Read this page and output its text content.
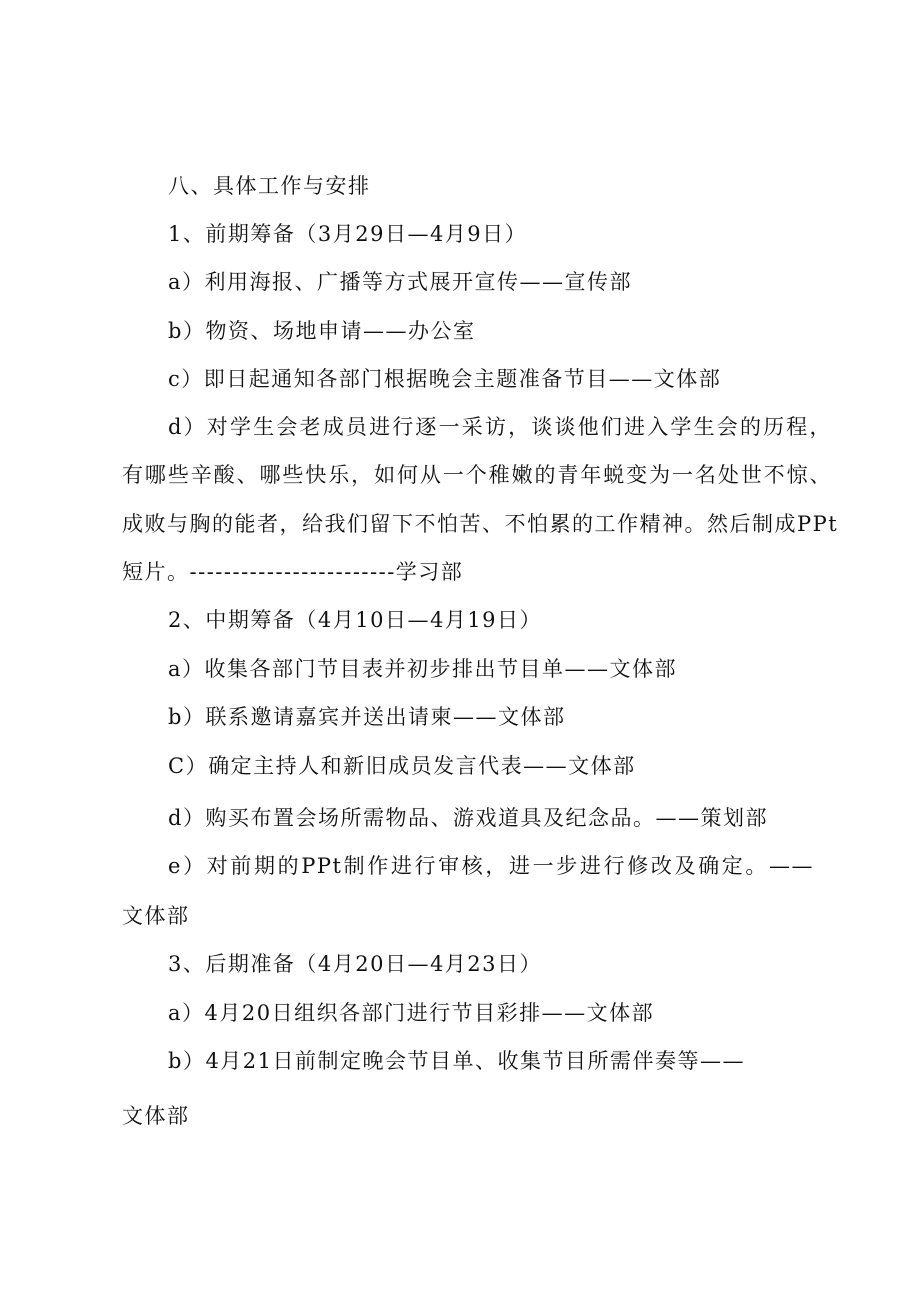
八、具体工作与安排
1、前期筹备（3月29日—4月9日）
a）利用海报、广播等方式展开宣传——宣传部
b）物资、场地申请——办公室
c）即日起通知各部门根据晚会主题准备节目——文体部
d）对学生会老成员进行逐一采访，谈谈他们进入学生会的历程，
有哪些辛酸、哪些快乐，如何从一个稚嫩的青年蜕变为一名处世不惊、
成败与胸的能者，给我们留下不怕苦、不怕累的工作精神。然后制成PPt
短片。------------------------学习部
2、中期筹备（4月10日—4月19日）
a）收集各部门节目表并初步排出节目单——文体部
b）联系邀请嘉宾并送出请柬——文体部
C）确定主持人和新旧成员发言代表——文体部
d）购买布置会场所需物品、游戏道具及纪念品。——策划部
e）对前期的PPt制作进行审核，进一步进行修改及确定。——
文体部
3、后期准备（4月20日—4月23日）
a）4月20日组织各部门进行节目彩排——文体部
b）4月21日前制定晚会节目单、收集节目所需伴奏等——
文体部
